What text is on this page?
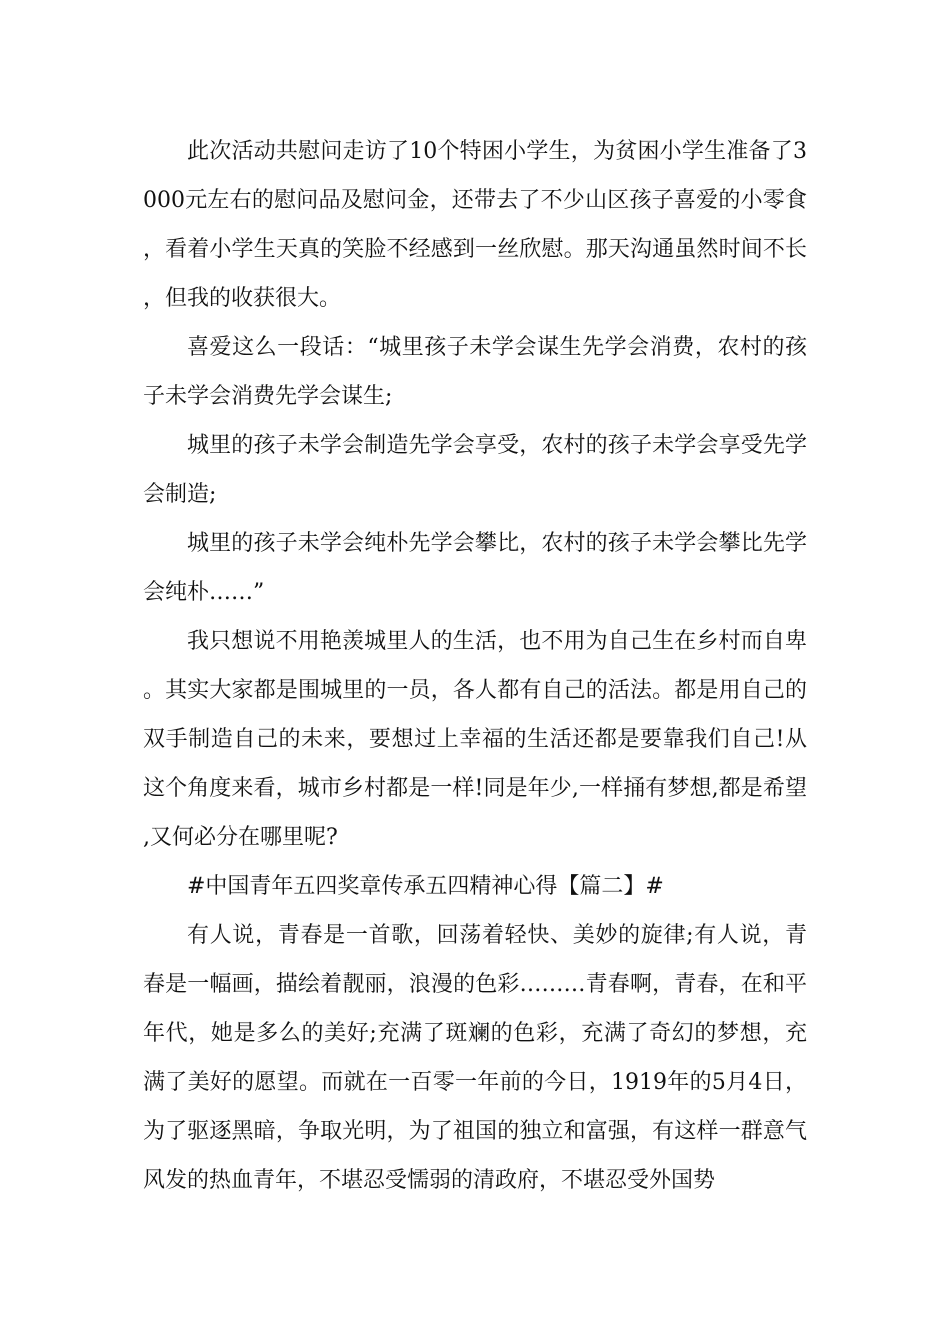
此次活动共慰问走访了10个特困小学生，为贫困小学生准备了3000元左右的慰问品及慰问金，还带去了不少山区孩子喜爱的小零食，看着小学生天真的笑脸不经感到一丝欣慰。那天沟通虽然时间不长，但我的收获很大。

喜爱这么一段话：“城里孩子未学会谋生先学会消费，农村的孩子未学会消费先学会谋生;

城里的孩子未学会制造先学会享受，农村的孩子未学会享受先学会制造;

城里的孩子未学会纯朴先学会攀比，农村的孩子未学会攀比先学会纯朴……”

我只想说不用艳羡城里人的生活，也不用为自己生在乡村而自卑。其实大家都是围城里的一员，各人都有自己的活法。都是用自己的双手制造自己的未来，要想过上幸福的生活还都是要靠我们自己!从这个角度来看，城市乡村都是一样!同是年少,一样捅有梦想,都是希望,又何必分在哪里呢?

#中国青年五四奖章传承五四精神心得【篇二】#

有人说，青春是一首歌，回荡着轻快、美妙的旋律;有人说，青春是一幅画，描绘着靓丽，浪漫的色彩………青春啊，青春，在和平年代，她是多么的美好;充满了斑斓的色彩，充满了奇幻的梦想，充满了美好的愿望。而就在一百零一年前的今日，1919年的5月4日，为了驱逐黑暗，争取光明，为了祖国的独立和富强，有这样一群意气风发的热血青年，不堪忍受懦弱的清政府，不堪忍受外国势
